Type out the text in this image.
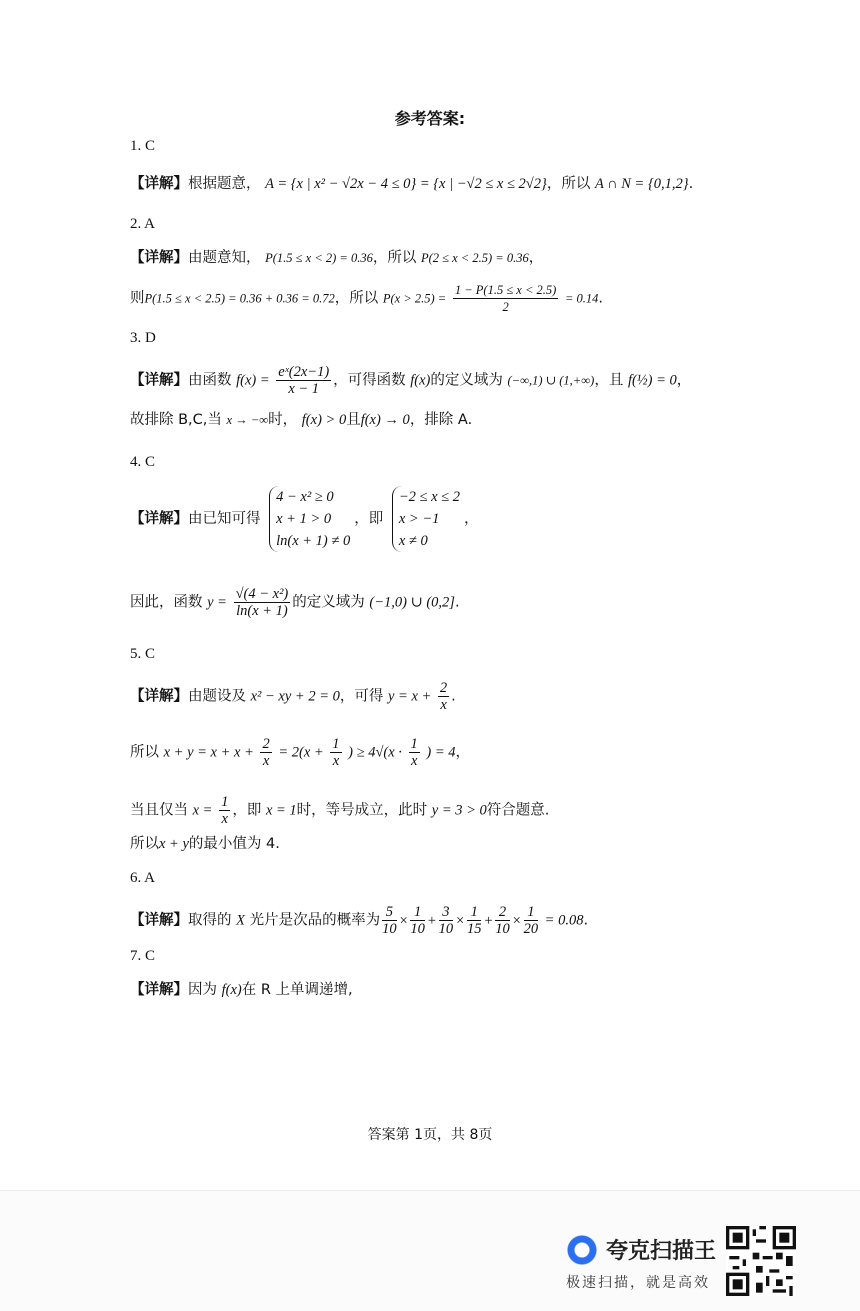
参考答案:
1. C
【详解】根据题意， A = {x | x² − √2x − 4 ≤ 0} = {x | −√2 ≤ x ≤ 2√2}，所以 A ∩ N = {0,1,2}.
2. A
【详解】由题意知， P(1.5 ≤ x < 2) = 0.36，所以 P(2 ≤ x < 2.5) = 0.36，
则P(1.5 ≤ x < 2.5) = 0.36 + 0.36 = 0.72，所以 $P(x > 2.5) = \frac{1 - P(1.5 \le x < 2.5)}{2} = 0.14$.
3. D
【详解】由函数 $f(x) = \frac{\text{eˣ(2x−1)}}{x - 1}$ ，可得函数 f(x)的定义域为 (−∞,1) ∪ (1,+∞)，且 f(½) = 0，
故排除 B,C,当 x → −∞时， f(x) > 0且f(x) → 0，排除 A.
4. C
【详解】由已知可得
4 − x² ≥ 0
x + 1 > 0
ln(x + 1) ≠ 0
，即
−2 ≤ x ≤ 2
x > −1
x ≠ 0
，
因此，函数 $y = \frac{\text{√(4 − x²)}}{\ln(x + 1)}$ 的定义域为 (−1,0) ∪ (0,2].
5. C
【详解】由题设及 x² − xy + 2 = 0，可得 $y = x + \frac{2}{x}$ .
所以 $x + y = x + x + \frac{2}{x} = 2(x + \frac{1}{x}$ ) ≥ $4√(x \cdot \frac{1}{x}$ ) = 4，
当且仅当 $x = \frac{1}{x}$ ，即 x = 1时，等号成立，此时 y = 3 > 0符合题意.
所以x + y的最小值为 4.
6. A
【详解】取得的 X 光片是次品的概率为 $\frac{5}{10} \times \frac{1}{10} + \frac{3}{10} \times \frac{1}{15} + \frac{2}{10} \times \frac{1}{20} = 0.08$.
7. C
【详解】因为 f(x)在 R 上单调递增,
答案第 1页，共 8页
夸克扫描王
极速扫描，就是高效
